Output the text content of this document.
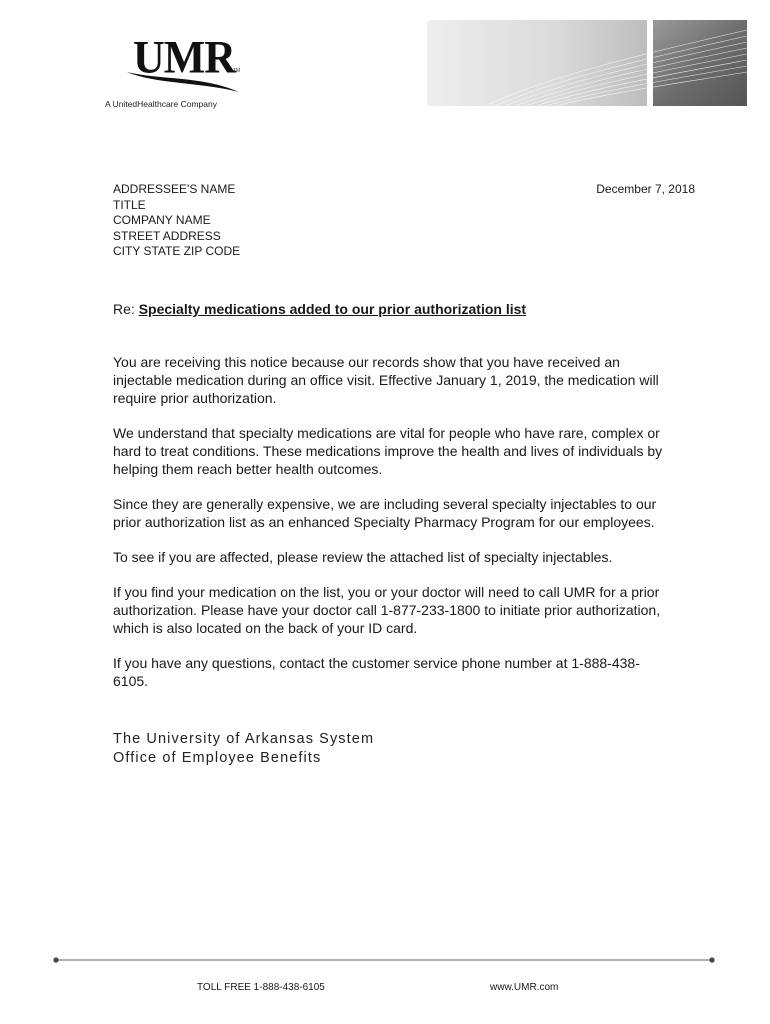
UMR
TM
A UnitedHealthcare Company
ADDRESSEE'S NAME
TITLE
COMPANY NAME
STREET ADDRESS
CITY STATE ZIP CODE
December 7, 2018
Re: Specialty medications added to our prior authorization list

You are receiving this notice because our records show that you have received an injectable medication during an office visit. Effective January 1, 2019, the medication will require prior authorization.

We understand that specialty medications are vital for people who have rare, complex or hard to treat conditions. These medications improve the health and lives of individuals by helping them reach better health outcomes.

Since they are generally expensive, we are including several specialty injectables to our prior authorization list as an enhanced Specialty Pharmacy Program for our employees.

To see if you are affected, please review the attached list of specialty injectables.

If you find your medication on the list, you or your doctor will need to call UMR for a prior authorization. Please have your doctor call 1-877-233-1800 to initiate prior authorization, which is also located on the back of your ID card.

If you have any questions, contact the customer service phone number at 1-888-438-6105.

The University of Arkansas System
Office of Employee Benefits
TOLL FREE 1-888-438-6105	www.UMR.com
